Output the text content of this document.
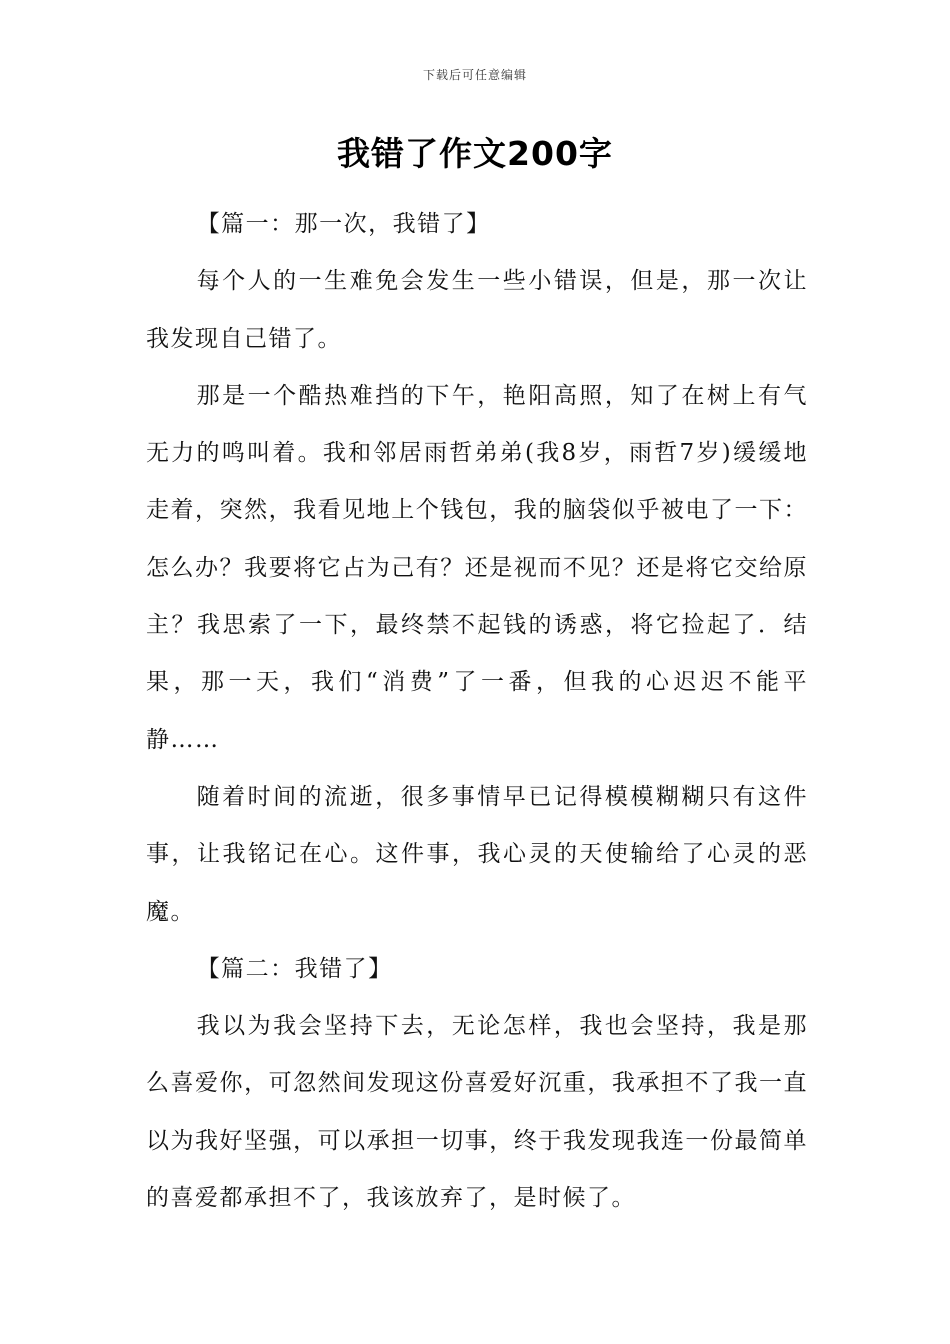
下载后可任意编辑
我错了作文200字

【篇一：那一次，我错了】

每个人的一生难免会发生一些小错误，但是，那一次让我发现自己错了。

那是一个酷热难挡的下午，艳阳高照，知了在树上有气无力的鸣叫着。我和邻居雨哲弟弟(我8岁，雨哲7岁)缓缓地走着，突然，我看见地上个钱包，我的脑袋似乎被电了一下：怎么办？我要将它占为己有？还是视而不见？还是将它交给原主？我思索了一下，最终禁不起钱的诱惑，将它捡起了．结果，那一天，我们“消费”了一番，但我的心迟迟不能平静……

随着时间的流逝，很多事情早已记得模模糊糊只有这件事，让我铭记在心。这件事，我心灵的天使输给了心灵的恶魔。

【篇二：我错了】

我以为我会坚持下去，无论怎样，我也会坚持，我是那么喜爱你，可忽然间发现这份喜爱好沉重，我承担不了我一直以为我好坚强，可以承担一切事，终于我发现我连一份最简单的喜爱都承担不了，我该放弃了，是时候了。
